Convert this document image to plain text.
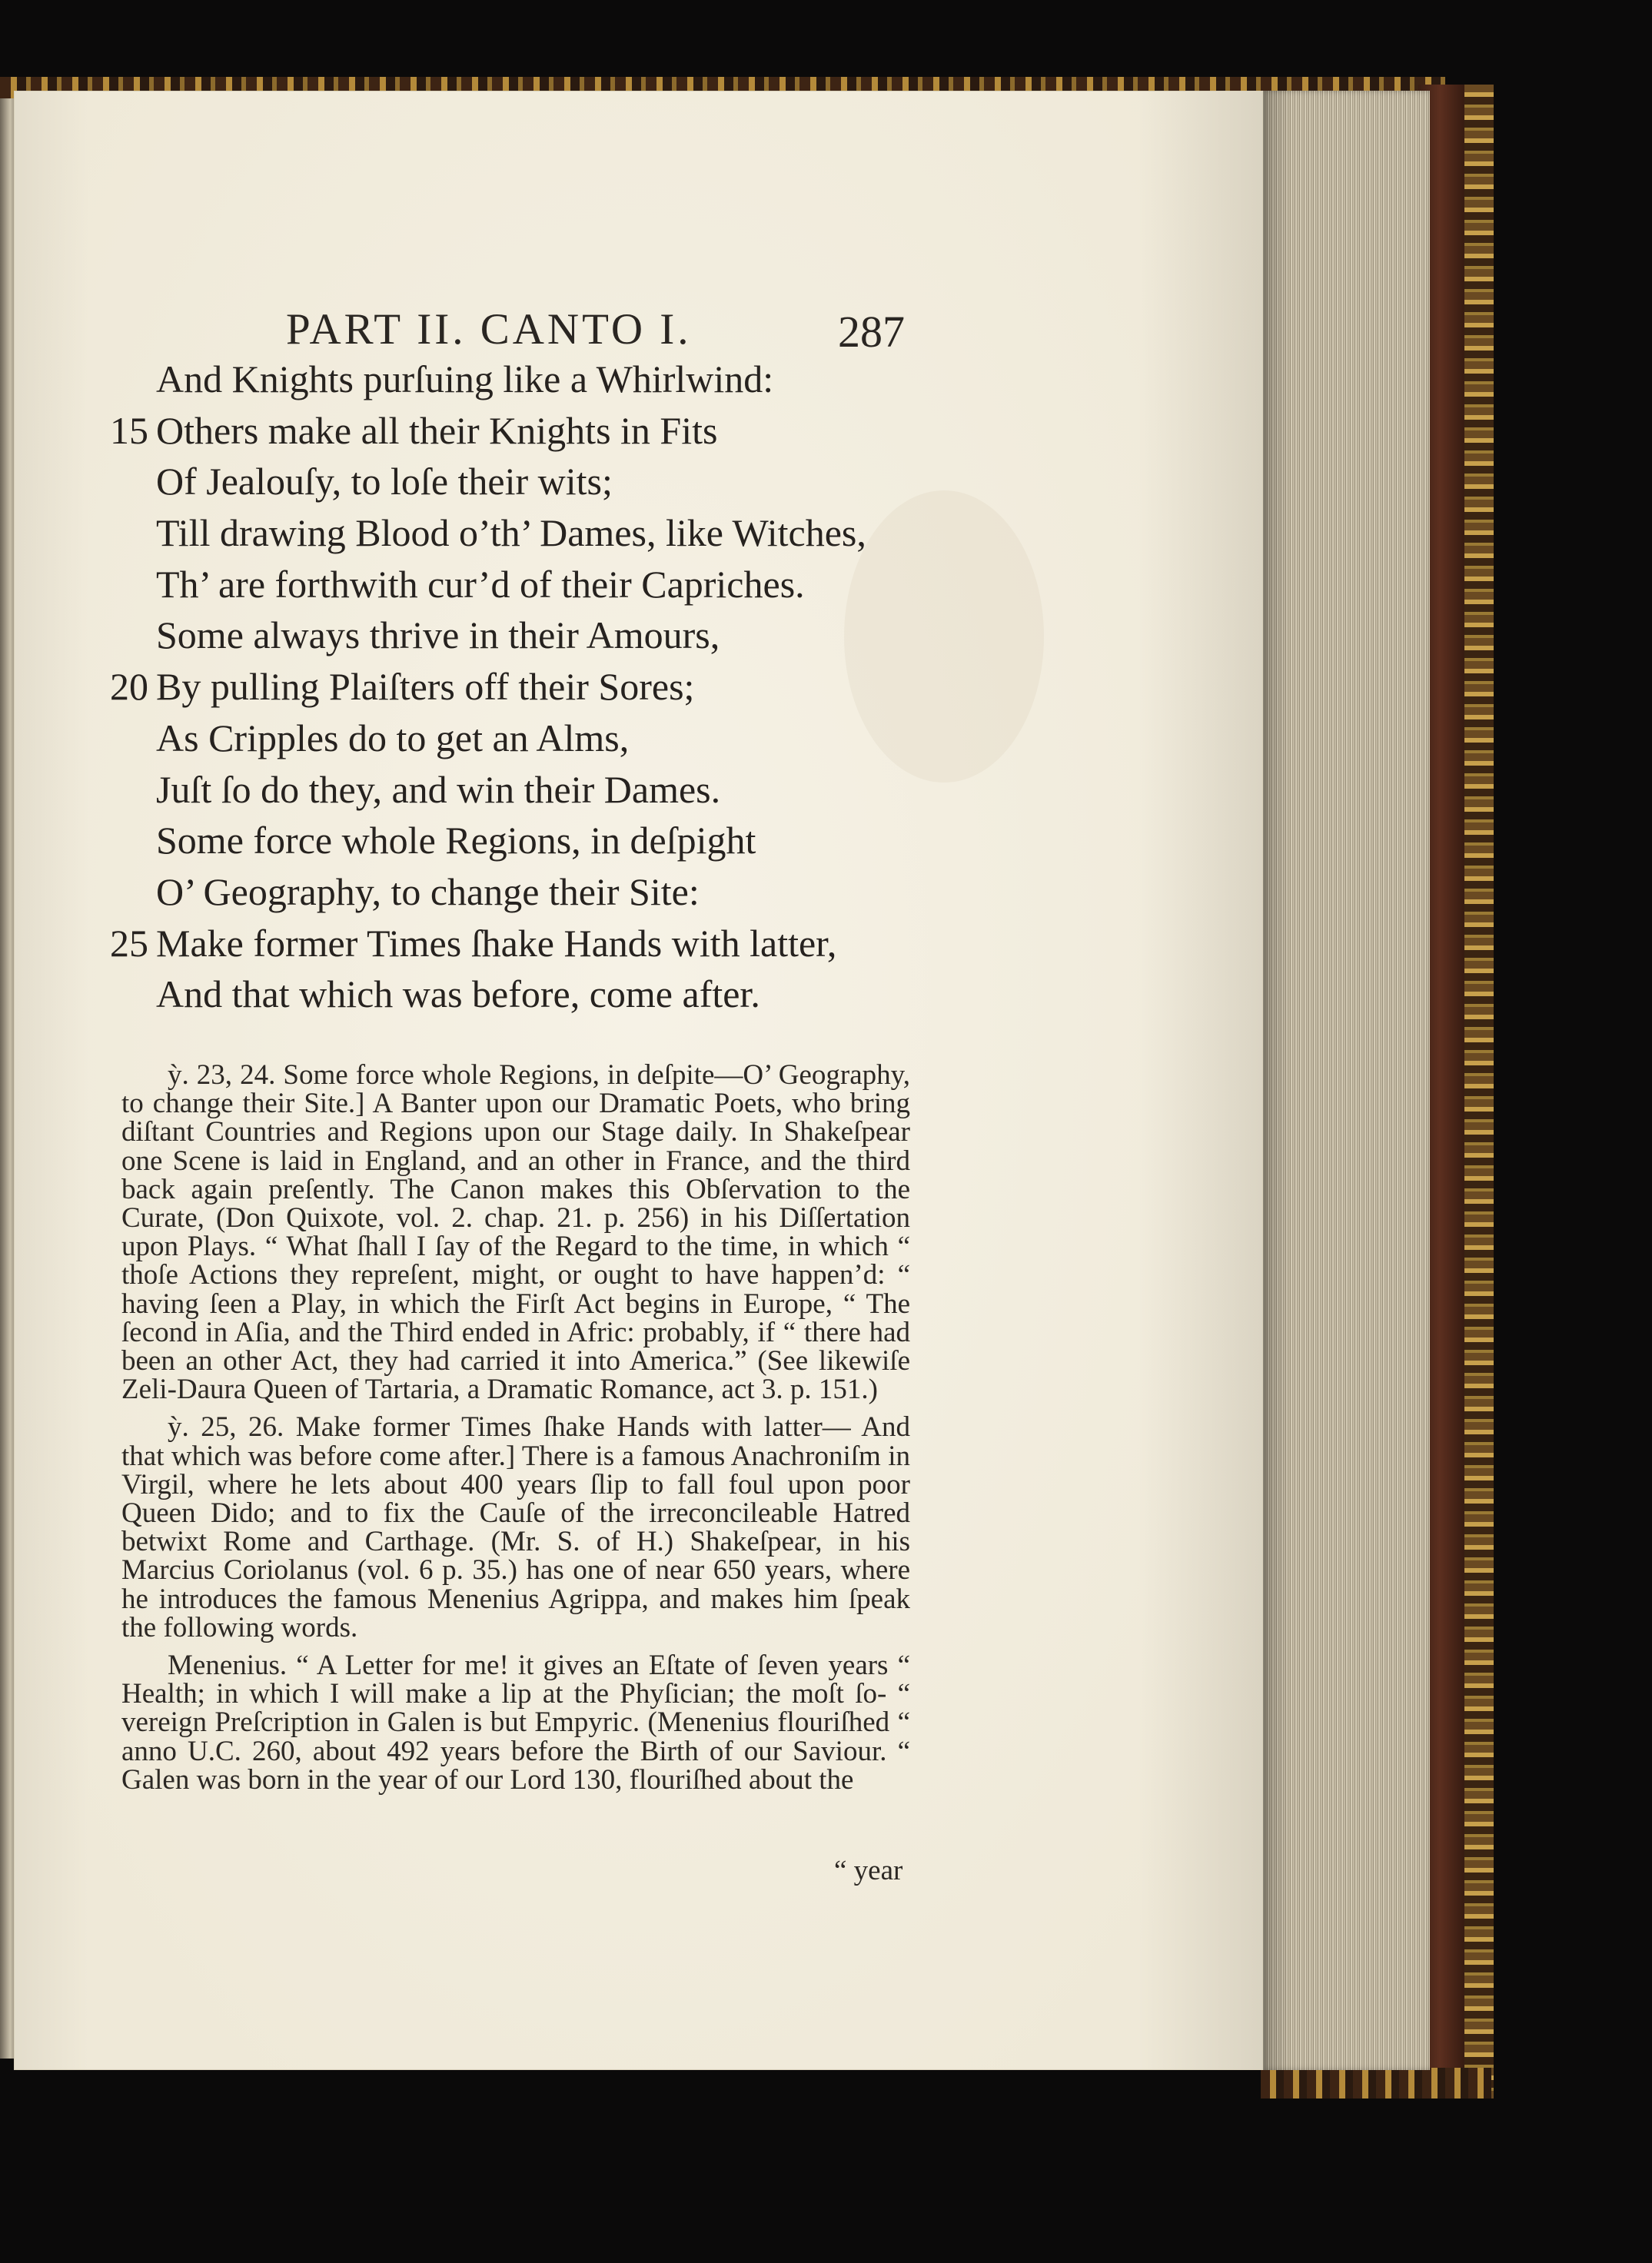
PART II. CANTO I.	287
And Knights purſuing like a Whirlwind:
15 Others make all their Knights in Fits
Of Jealouſy, to loſe their wits;
Till drawing Blood o’th’ Dames, like Witches,
Th’ are forthwith cur’d of their Capriches.
Some always thrive in their Amours,
20 By pulling Plaiſters off their Sores;
As Cripples do to get an Alms,
Juſt ſo do they, and win their Dames.
Some force whole Regions, in deſpight
O’ Geography, to change their Site:
25 Make former Times ſhake Hands with latter,
And that which was before, come after.

ỳ. 23, 24. Some force whole Regions, in deſpite—O’ Geography, to change their Site.] A Banter upon our Dramatic Poets, who bring diſtant Countries and Regions upon our Stage daily. In Shakeſpear one Scene is laid in England, and an other in France, and the third back again preſently. The Canon makes this Obſervation to the Curate, (Don Quixote, vol. 2. chap. 21. p. 256) in his Diſſertation upon Plays. “ What ſhall I ſay of the Regard to the time, in which “ thoſe Actions they repreſent, might, or ought to have happen’d: “ having ſeen a Play, in which the Firſt Act begins in Europe, “ The ſecond in Aſia, and the Third ended in Afric: probably, if “ there had been an other Act, they had carried it into America.” (See likewiſe Zeli-Daura Queen of Tartaria, a Dramatic Romance, act 3. p. 151.)

ỳ. 25, 26. Make former Times ſhake Hands with latter— And that which was before come after.] There is a famous Anachroniſm in Virgil, where he lets about 400 years ſlip to fall foul upon poor Queen Dido; and to fix the Cauſe of the irreconcileable Hatred betwixt Rome and Carthage. (Mr. S. of H.) Shakeſpear, in his Marcius Coriolanus (vol. 6 p. 35.) has one of near 650 years, where he introduces the famous Menenius Agrippa, and makes him ſpeak the following words.

Menenius. “ A Letter for me! it gives an Eſtate of ſeven years “ Health; in which I will make a lip at the Phyſician; the moſt ſo- “ vereign Preſcription in Galen is but Empyric. (Menenius flouriſhed “ anno U.C. 260, about 492 years before the Birth of our Saviour. “ Galen was born in the year of our Lord 130, flouriſhed about the

“ year
